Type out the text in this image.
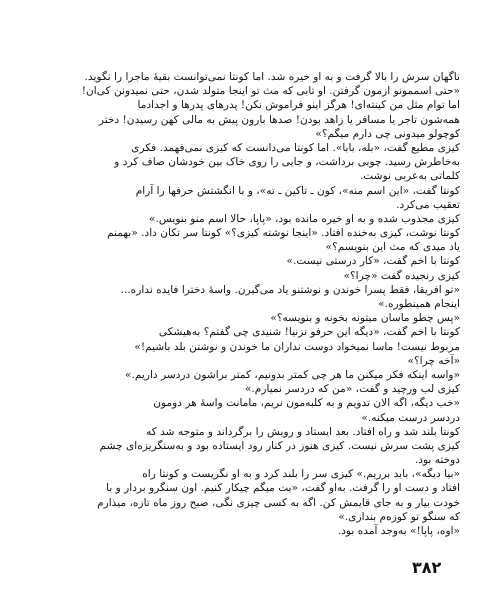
ناگهان سرش را بالا گرفت و به او خیره شد. اما کونتا نمی‌توانست بقیهٔ ماجرا را نگوید.
«حتی اسممونو ازمون گرفتن. او تابی که مث تو اینجا متولد شدن، حتی نمیدونن کی‌ان!
اما توام مثل من کینته‌ای! هرگز اینو فراموش نکن! پدرهای پدرها و اجدادما
همه‌شون تاجر یا مسافر یا زاهد بودن! صدها بارون پیش به مالی کهن رسیدن! دختر
کوچولو میدونی چی دارم میگم؟»
کیزی مطیع گفت، «بله، بابا». اما کونتا می‌دانست که کیزی نمی‌فهمد. فکری
به‌خاطرش رسید. چوبی برداشت، و جایی را روی خاک بین خودشان صاف کرد و
کلماتی به‌عربی نوشت.
کونتا گفت، «این اسم منه»، کون ـ تاکین ـ ته»، و با انگشتش حرفها را آرام
تعقیب می‌کرد.
کیزی مجذوب شده و به او خیره مانده بود، «پاپا، حالا اسم منو بنویس.»
کونتا نوشت، کیزی به‌خنده افتاد. «اینجا نوشته کیزی؟» کونتا سر تکان داد. «بهمنم
یاد میدی که مث این بنویسم؟»
کونتا با اخم گفت، «کار درستی نیست.»
کیزی رنجیده گفت «چرا؟»
«تو افریقا، فقط پسرا خوندن و نوشتنو یاد می‌گیرن. واسهٔ دخترا فایده نداره...
اینجام همینطوره.»
«پس چطو ماسان میتونه بخونه و بنویسه؟»
کونتا با اخم گفت، «دیگه این حرفو نزنیا! شنیدی چی گفتم؟ به‌هیشکی
مربوط نیست! ماسا نمیخواد دوست نداران ما خوندن و نوشتن بلد باشیم!»
«آخه چرا؟»
«واسه اینکه فکر میکنن ما هر چی کمتر بدونیم، کمتر براشون دردسر داریم.»
کیزی لب ورچید و گفت، «من که دردسر نمیارم.»
«خب دیگه، اگه الان تدویم و به کلبه‌مون نریم، مامانت واسهٔ هر دومون
دردسر درست میکنه.»
کونتا بلند شد و راه افتاد. بعد ایستاد و رویش را برگرداند و متوجه شد که
کیزی پشت سرش نیست. کیزی هنوز در کنار رود ایستاده بود و به‌سنگریزه‌ای چشم
دوخته بود.
«بیا دیگه»، باید برریم.» کیزی سر را بلند کرد و به او نگریست و کونتا راه
افتاد و دست او را گرفت. به‌او گفت، «بت میگم چیکار کنیم. اون سنگرو بردار و با
خودت بیار و به جای قایمش کن. اگه به کسی چیزی نگی، صبح روز ماه تازه، میذارم
که سنگو تو کوزه‌م بندازی.»
«اوه، پاپا!» به‌وجد آمده بود.
۳۸۲
